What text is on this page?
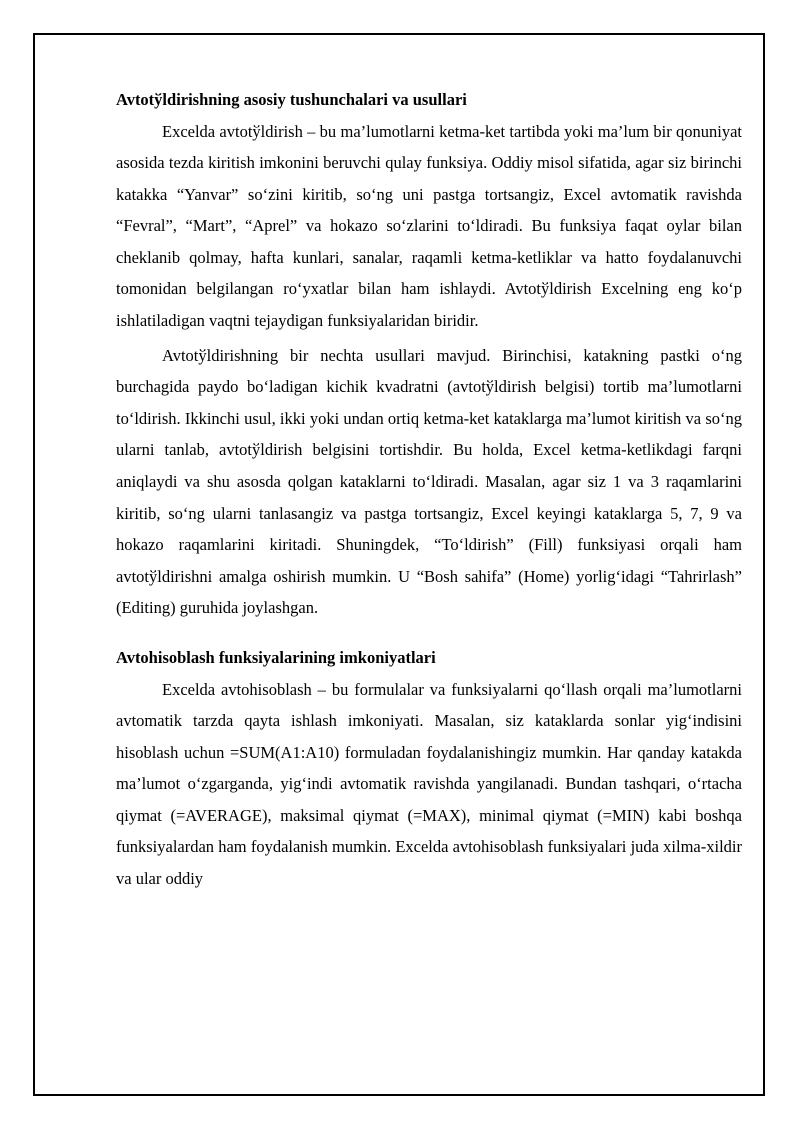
Avtotўldirishning asosiy tushunchalari va usullari

Excelda avtotўldirish – bu ma’lumotlarni ketma-ket tartibda yoki ma’lum bir qonuniyat asosida tezda kiritish imkonini beruvchi qulay funksiya. Oddiy misol sifatida, agar siz birinchi katakka “Yanvar” so‘zini kiritib, so‘ng uni pastga tortsangiz, Excel avtomatik ravishda “Fevral”, “Mart”, “Aprel” va hokazo so‘zlarini to‘ldiradi. Bu funksiya faqat oylar bilan cheklanib qolmay, hafta kunlari, sanalar, raqamli ketma-ketliklar va hatto foydalanuvchi tomonidan belgilangan ro‘yxatlar bilan ham ishlaydi. Avtotўldirish Excelning eng ko‘p ishlatiladigan vaqtni tejaydigan funksiyalaridan biridir.

Avtotўldirishning bir nechta usullari mavjud. Birinchisi, katakning pastki o‘ng burchagida paydo bo‘ladigan kichik kvadratni (avtotўldirish belgisi) tortib ma’lumotlarni to‘ldirish. Ikkinchi usul, ikki yoki undan ortiq ketma-ket kataklarga ma’lumot kiritish va so‘ng ularni tanlab, avtotўldirish belgisini tortishdir. Bu holda, Excel ketma-ketlikdagi farqni aniqlaydi va shu asosda qolgan kataklarni to‘ldiradi. Masalan, agar siz 1 va 3 raqamlarini kiritib, so‘ng ularni tanlasangiz va pastga tortsangiz, Excel keyingi kataklarga 5, 7, 9 va hokazo raqamlarini kiritadi. Shuningdek, “To‘ldirish” (Fill) funksiyasi orqali ham avtotўldirishni amalga oshirish mumkin. U “Bosh sahifa” (Home) yorlig‘idagi “Tahrirlash” (Editing) guruhida joylashgan.

Avtohisoblash funksiyalarining imkoniyatlari

Excelda avtohisoblash – bu formulalar va funksiyalarni qo‘llash orqali ma’lumotlarni avtomatik tarzda qayta ishlash imkoniyati. Masalan, siz kataklarda sonlar yig‘indisini hisoblash uchun =SUM(A1:A10) formuladan foydalanishingiz mumkin. Har qanday katakda ma’lumot o‘zgarganda, yig‘indi avtomatik ravishda yangilanadi. Bundan tashqari, o‘rtacha qiymat (=AVERAGE), maksimal qiymat (=MAX), minimal qiymat (=MIN) kabi boshqa funksiyalardan ham foydalanish mumkin. Excelda avtohisoblash funksiyalari juda xilma-xildir va ular oddiy
